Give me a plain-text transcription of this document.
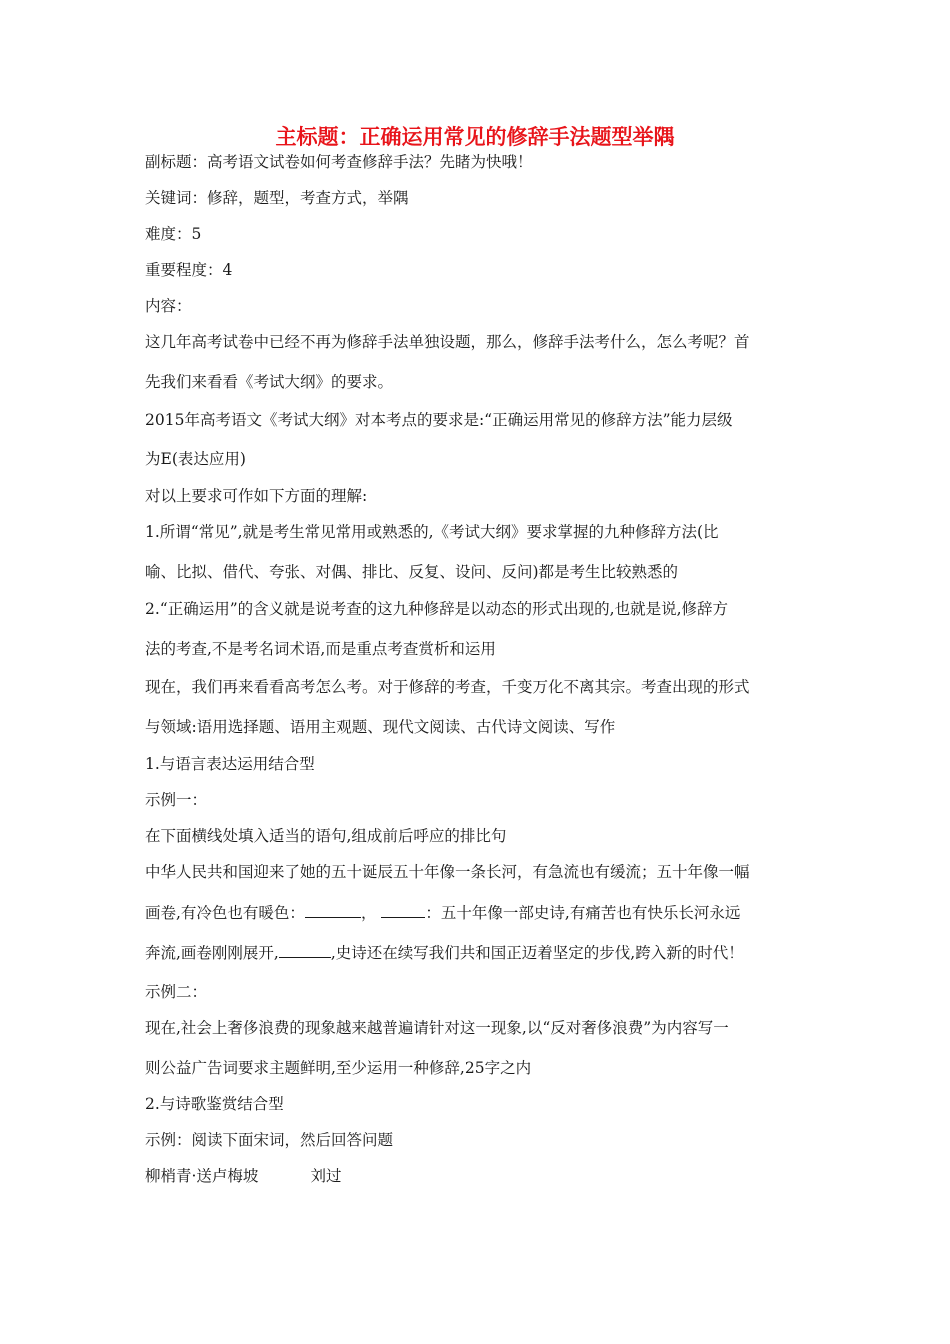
主标题：正确运用常见的修辞手法题型举隅
副标题：高考语文试卷如何考查修辞手法？先睹为快哦！
关键词：修辞，题型，考查方式，举隅
难度：5
重要程度：4
内容：
这几年高考试卷中已经不再为修辞手法单独设题，那么，修辞手法考什么，怎么考呢？首
先我们来看看《考试大纲》的要求。
2015年高考语文《考试大纲》对本考点的要求是:“正确运用常见的修辞方法”能力层级
为E(表达应用)
对以上要求可作如下方面的理解:
1.所谓“常见”,就是考生常见常用或熟悉的,《考试大纲》要求掌握的九种修辞方法(比
喻、比拟、借代、夸张、对偶、排比、反复、设问、反问)都是考生比较熟悉的
2.“正确运用”的含义就是说考查的这九种修辞是以动态的形式出现的,也就是说,修辞方
法的考查,不是考名词术语,而是重点考查赏析和运用
现在，我们再来看看高考怎么考。对于修辞的考查，千变万化不离其宗。考查出现的形式
与领域:语用选择题、语用主观题、现代文阅读、古代诗文阅读、写作
1.与语言表达运用结合型
示例一：
在下面横线处填入适当的语句,组成前后呼应的排比句
中华人民共和国迎来了她的五十诞辰五十年像一条长河，有急流也有缓流；五十年像一幅
画卷,有冷色也有暖色：	，	：五十年像一部史诗,有痛苦也有快乐长河永远
奔流,画卷刚刚展开,	,史诗还在续写我们共和国正迈着坚定的步伐,跨入新的时代！
示例二：
现在,社会上奢侈浪费的现象越来越普遍请针对这一现象,以“反对奢侈浪费”为内容写一
则公益广告词要求主题鲜明,至少运用一种修辞,25字之内
2.与诗歌鉴赏结合型
示例：阅读下面宋词，然后回答问题
柳梢青·送卢梅坡	刘过
